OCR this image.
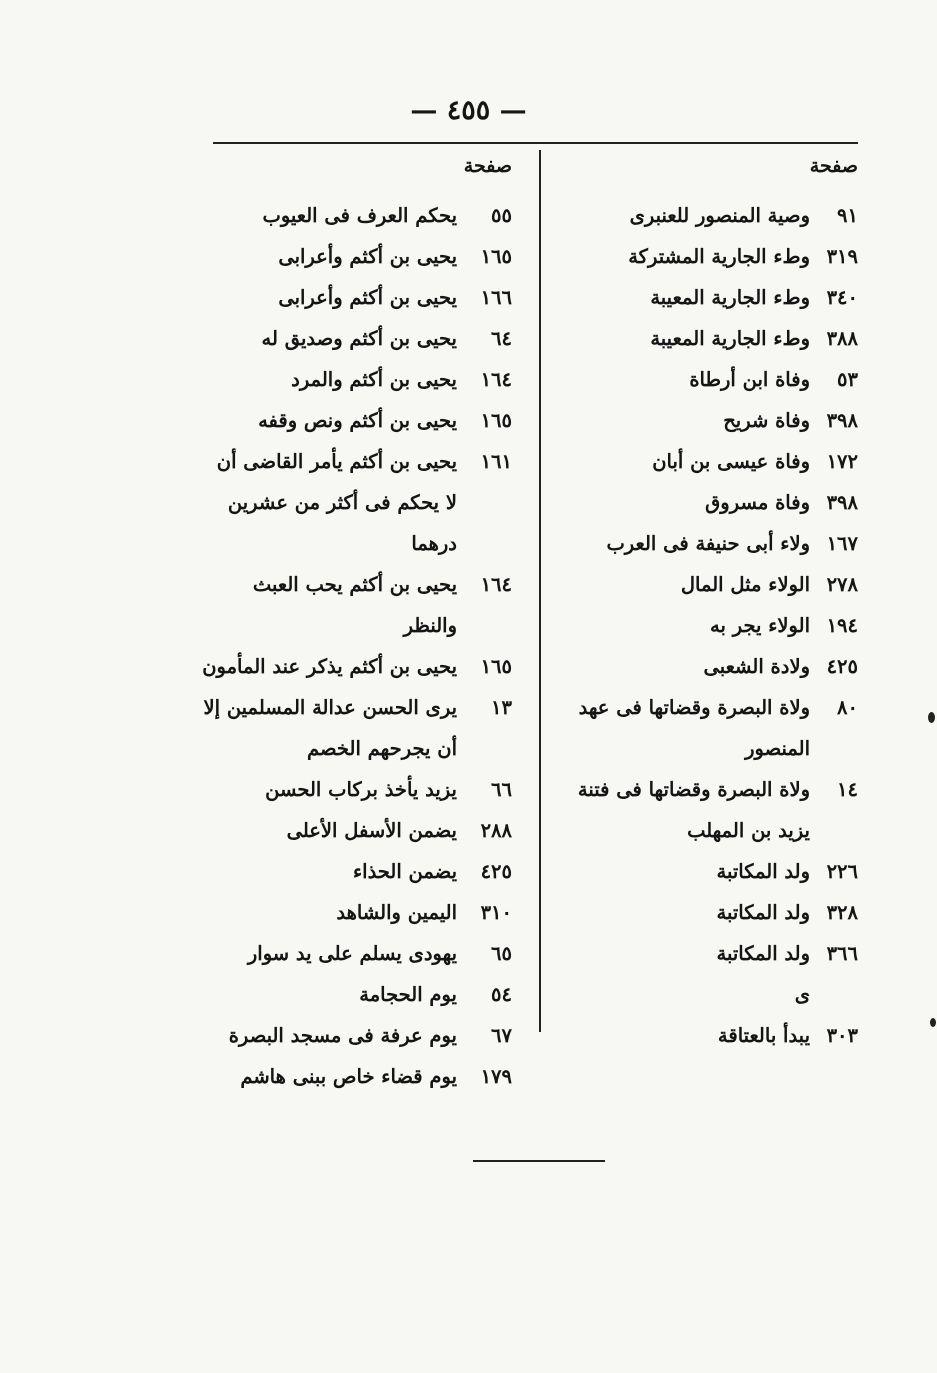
— ٤٥٥ —
صفحة
٩١
وصية المنصور للعنبرى
٣١٩
وطء الجارية المشتركة
٣٤٠
وطء الجارية المعيبة
٣٨٨
وطء الجارية المعيبة
٥٣
وفاة ابن أرطاة
٣٩٨
وفاة شريح
١٧٢
وفاة عيسى بن أبان
٣٩٨
وفاة مسروق
١٦٧
ولاء أبى حنيفة فى العرب
٢٧٨
الولاء مثل المال
١٩٤
الولاء يجر به
٤٢٥
ولادة الشعبى
٨٠
ولاة البصرة وقضاتها فى عهد المنصور
١٤
ولاة البصرة وقضاتها فى فتنة يزيد بن المهلب
٢٢٦
ولد المكاتبة
٣٢٨
ولد المكاتبة
٣٦٦
ولد المكاتبة
ى
٣٠٣
يبدأ بالعتاقة
صفحة
٥٥
يحكم العرف فى العيوب
١٦٥
يحيى بن أكثم وأعرابى
١٦٦
يحيى بن أكثم وأعرابى
٦٤
يحيى بن أكثم وصديق له
١٦٤
يحيى بن أكثم والمرد
١٦٥
يحيى بن أكثم ونص وقفه
١٦١
يحيى بن أكثم يأمر القاضى أن لا يحكم فى أكثر من عشرين درهما
١٦٤
يحيى بن أكثم يحب العبث والنظر
١٦٥
يحيى بن أكثم يذكر عند المأمون
١٣
يرى الحسن عدالة المسلمين إلا أن يجرحهم الخصم
٦٦
يزيد يأخذ بركاب الحسن
٢٨٨
يضمن الأسفل الأعلى
٤٢٥
يضمن الحذاء
٣١٠
اليمين والشاهد
٦٥
يهودى يسلم على يد سوار
٥٤
يوم الحجامة
٦٧
يوم عرفة فى مسجد البصرة
١٧٩
يوم قضاء خاص ببنى هاشم
